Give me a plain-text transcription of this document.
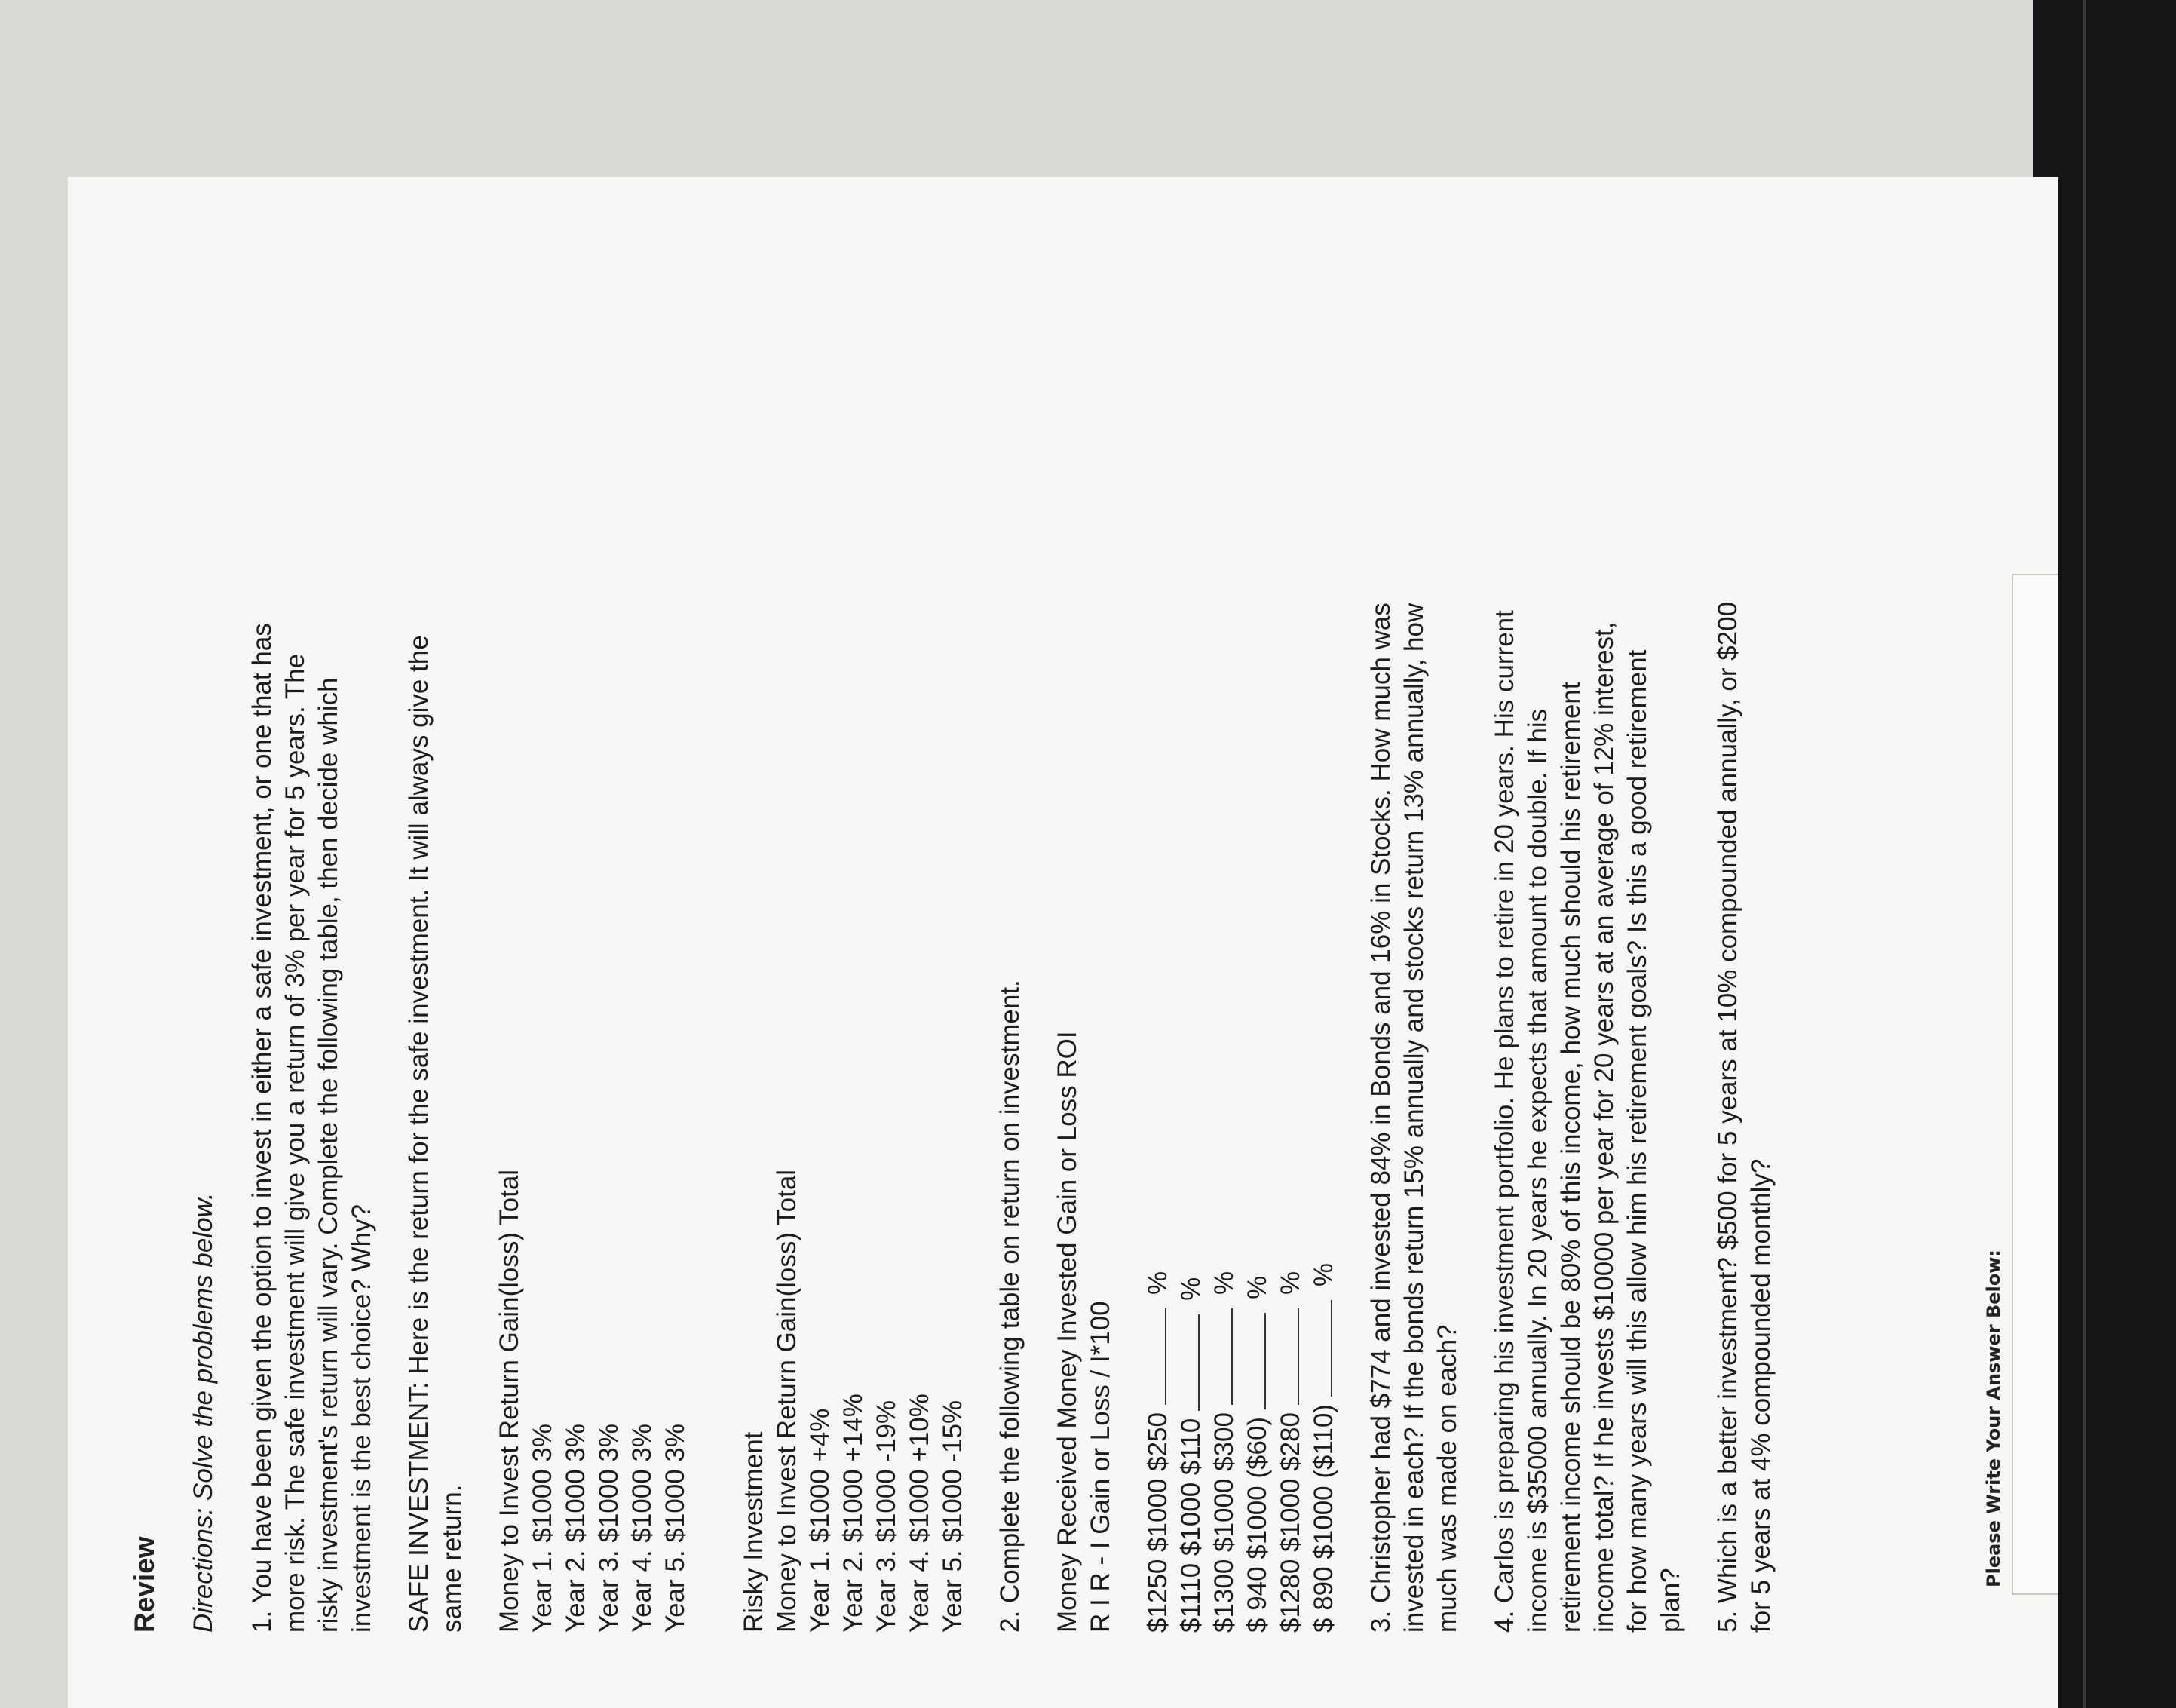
Review Directions: Solve the problems below. 1. You have been given the option to invest in either a safe investment, or one that has more risk. The safe investment will give you a return of 3% per year for 5 years. The risky investment's return will vary. Complete the following table, then decide which investment is the best choice? Why? SAFE INVESTMENT: Here is the return for the safe investment. It will always give the same return. Money to Invest Return Gain(loss) Total Year 1. $1000 3% Year 2. $1000 3% Year 3. $1000 3% Year 4. $1000 3% Year 5. $1000 3% Risky Investment Money to Invest Return Gain(loss) Total Year 1. $1000 +4% Year 2. $1000 +14% Year 3. $1000 -19% Year 4. $1000 +10% Year 5. $1000 -15% 2. Complete the following table on return on investment. Money Received Money Invested Gain or Loss ROI R I R - I Gain or Loss / I*100 $1250 $1000 $250
%
$1110 $1000 $110
%
$1300 $1000 $300
%
$ 940 $1000 ($60)
%
$1280 $1000 $280
%
$ 890 $1000 ($110)
% 3. Christopher had $774 and invested 84% in Bonds and 16% in Stocks. How much was invested in each? If the bonds return 15% annually and stocks return 13% annually, how much was made on each? 4. Carlos is preparing his investment portfolio. He plans to retire in 20 years. His current income is $35000 annually. In 20 years he expects that amount to double. If his retirement income should be 80% of this income, how much should his retirement income total? If he invests $10000 per year for 20 years at an average of 12% interest, for how many years will this allow him his retirement goals? Is this a good retirement plan? 5. Which is a better investment? $500 for 5 years at 10% compounded annually, or $200 for 5 years at 4% compounded monthly?	Please Write Your Answer Below:
